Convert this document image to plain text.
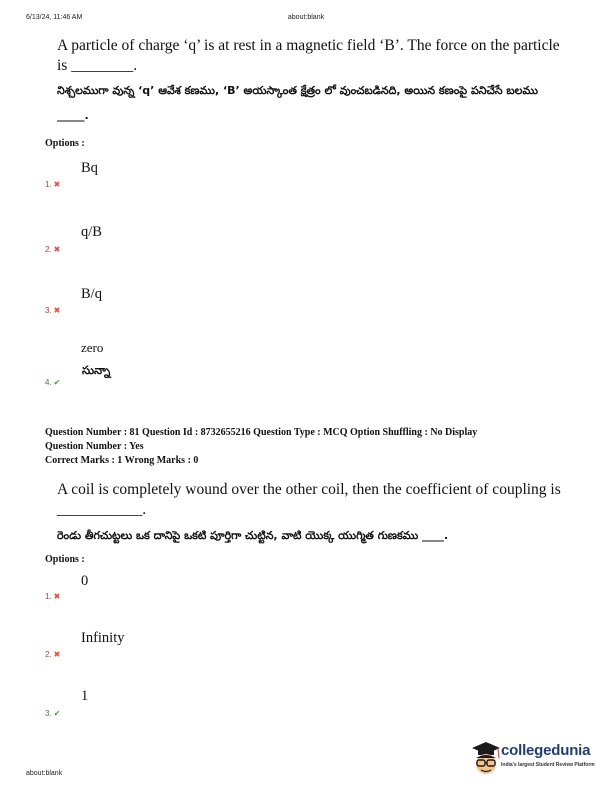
6/13/24, 11:46 AM	about:blank
A particle of charge ‘q’ is at rest in a magnetic field ‘B’. The force on the particle is ________.
నిశ్చలముగా వున్న ‘q’ ఆవేశ కణము, ‘B’ అయస్కాంత క్షేత్రం లో వుంచబడినది, అయిన కణంపై పనిచేసే బలము _____.
Options :
Bq
1. ✖
q/B
2. ✖
B/q
3. ✖
zero
సున్నా
4. ✔
Question Number : 81 Question Id : 8732655216 Question Type : MCQ Option Shuffling : No Display
Question Number : Yes
Correct Marks : 1 Wrong Marks : 0
A coil is completely wound over the other coil, then the coefficient of coupling is ___________.
రెండు తీగచుట్టలు ఒక దానిపై ఒకటి పూర్తిగా చుట్టిన, వాటి యొక్క యుగ్మిత గుణకము ____.
Options :
0
1. ✖
Infinity
2. ✖
1
3. ✔
about:blank
collegedunia
India's largest Student Review Platform
